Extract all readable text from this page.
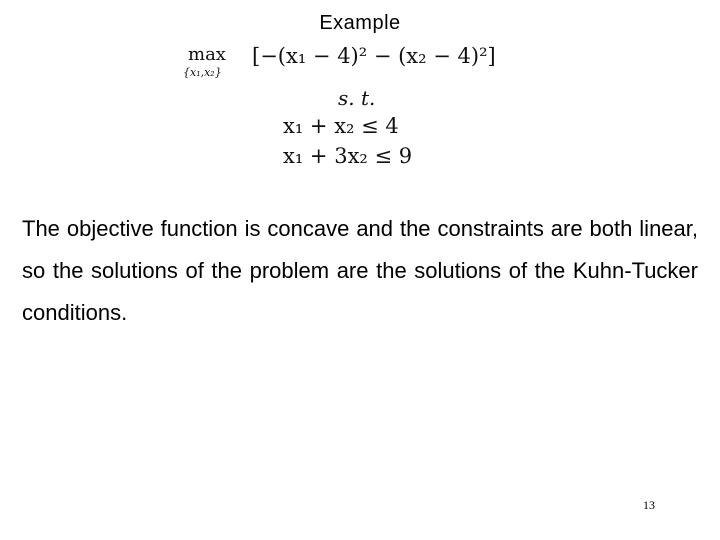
Example
max
{x₁,x₂}
[−(x₁ − 4)² − (x₂ − 4)²]
s. t.
x₁ + x₂ ≤ 4
x₁ + 3x₂ ≤ 9
The objective function is concave and the constraints are both linear, so the solutions of the problem are the solutions of the Kuhn-Tucker conditions.
13
